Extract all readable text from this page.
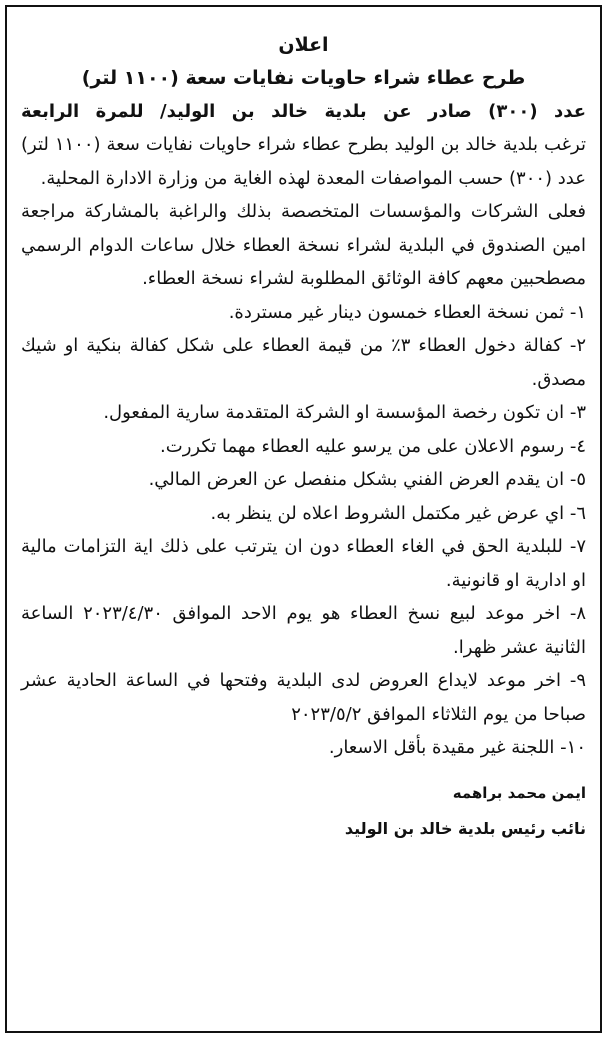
اعلان

طرح عطاء شراء حاويات نفايات سعة (١١٠٠ لتر)

عدد (٣٠٠) صادر عن بلدية خالد بن الوليد/ للمرة الرابعة

ترغب بلدية خالد بن الوليد بطرح عطاء شراء حاويات نفايات سعة (١١٠٠ لتر) عدد (٣٠٠) حسب المواصفات المعدة لهذه الغاية من وزارة الادارة المحلية.

فعلى الشركات والمؤسسات المتخصصة بذلك والراغبة بالمشاركة مراجعة امين الصندوق في البلدية لشراء نسخة العطاء خلال ساعات الدوام الرسمي مصطحبين معهم كافة الوثائق المطلوبة لشراء نسخة العطاء.

١- ثمن نسخة العطاء خمسون دينار غير مستردة.
٢- كفالة دخول العطاء ٣٪ من قيمة العطاء على شكل كفالة بنكية او شيك مصدق.
٣- ان تكون رخصة المؤسسة او الشركة المتقدمة سارية المفعول.
٤- رسوم الاعلان على من يرسو عليه العطاء مهما تكررت.
٥- ان يقدم العرض الفني بشكل منفصل عن العرض المالي.
٦- اي عرض غير مكتمل الشروط اعلاه لن ينظر به.
٧- للبلدية الحق في الغاء العطاء دون ان يترتب على ذلك اية التزامات مالية او ادارية او قانونية.
٨- اخر موعد لبيع نسخ العطاء هو يوم الاحد الموافق ٢٠٢٣/٤/٣٠ الساعة الثانية عشر ظهرا.
٩- اخر موعد لايداع العروض لدى البلدية وفتحها في الساعة الحادية عشر صباحا من يوم الثلاثاء الموافق ٢٠٢٣/٥/٢
١٠- اللجنة غير مقيدة بأقل الاسعار.

ايمن محمد براهمه

نائب رئيس بلدية خالد بن الوليد
